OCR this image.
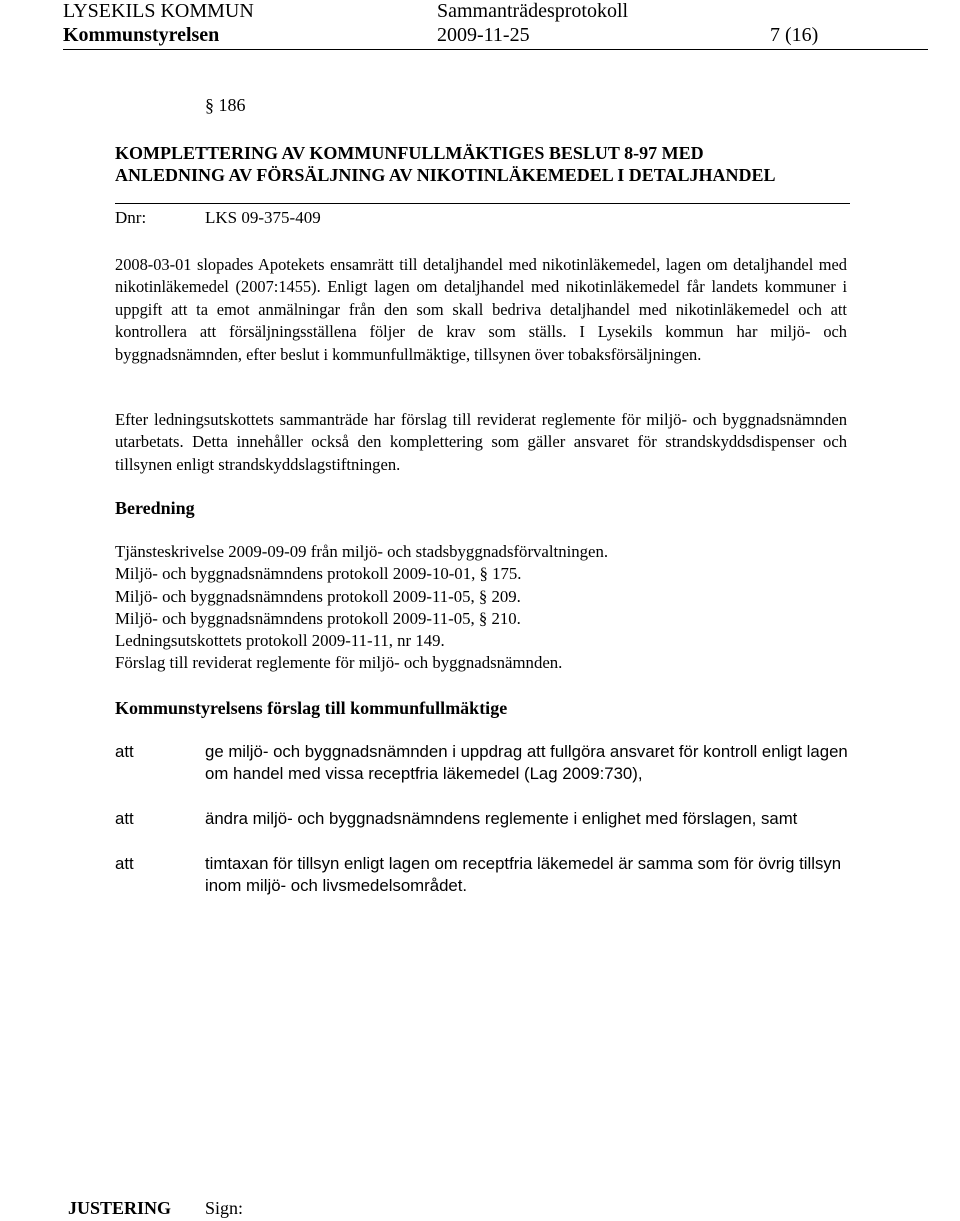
LYSEKILS KOMMUN	Sammanträdesprotokoll
Kommunstyrelsen	2009-11-25	7 (16)
§ 186
KOMPLETTERING AV KOMMUNFULLMÄKTIGES BESLUT 8-97 MED
ANLEDNING AV FÖRSÄLJNING AV NIKOTINLÄKEMEDEL I DETALJHANDEL
Dnr:	LKS 09-375-409
2008-03-01 slopades Apotekets ensamrätt till detaljhandel med nikotinläkemedel, lagen om detaljhandel med nikotinläkemedel (2007:1455). Enligt lagen om detaljhandel med nikotinläkemedel får landets kommuner i uppgift att ta emot anmälningar från den som skall bedriva detaljhandel med nikotinläkemedel och att kontrollera att försäljningsställena följer de krav som ställs. I Lysekils kommun har miljö- och byggnadsnämnden, efter beslut i kommunfullmäktige, tillsynen över tobaksförsäljningen.
Efter ledningsutskottets sammanträde har förslag till reviderat reglemente för miljö- och byggnadsnämnden utarbetats. Detta innehåller också den komplettering som gäller ansvaret för strandskyddsdispenser och tillsynen enligt strandskyddslagstiftningen.
Beredning
Tjänsteskrivelse 2009-09-09 från miljö- och stadsbyggnadsförvaltningen.
Miljö- och byggnadsnämndens protokoll 2009-10-01, § 175.
Miljö- och byggnadsnämndens protokoll 2009-11-05, § 209.
Miljö- och byggnadsnämndens protokoll 2009-11-05, § 210.
Ledningsutskottets protokoll 2009-11-11, nr 149.
Förslag till reviderat reglemente för miljö- och byggnadsnämnden.
Kommunstyrelsens förslag till kommunfullmäktige
att	ge miljö- och byggnadsnämnden i uppdrag att fullgöra ansvaret för kontroll enligt lagen om handel med vissa receptfria läkemedel (Lag 2009:730),
att	ändra miljö- och byggnadsnämndens reglemente i enlighet med förslagen, samt
att	timtaxan för tillsyn enligt lagen om receptfria läkemedel är samma som för övrig tillsyn inom miljö- och livsmedelsområdet.
JUSTERING Sign:
